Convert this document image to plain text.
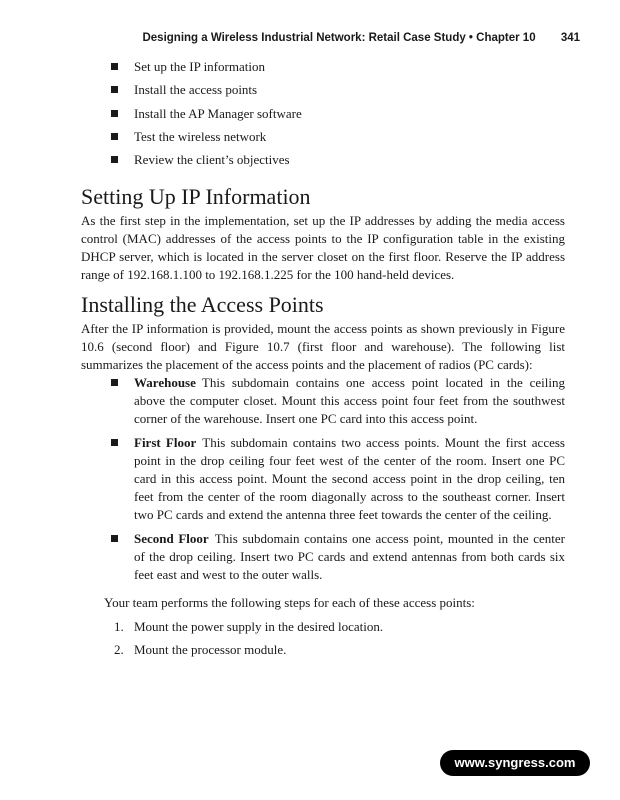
Designing a Wireless Industrial Network: Retail Case Study • Chapter 10 341
Set up the IP information
Install the access points
Install the AP Manager software
Test the wireless network
Review the client’s objectives
Setting Up IP Information

As the first step in the implementation, set up the IP addresses by adding the media access control (MAC) addresses of the access points to the IP configuration table in the existing DHCP server, which is located in the server closet on the first floor. Reserve the IP address range of 192.168.1.100 to 192.168.1.225 for the 100 hand-held devices.

Installing the Access Points

After the IP information is provided, mount the access points as shown previously in Figure 10.6 (second floor) and Figure 10.7 (first floor and warehouse). The following list summarizes the placement of the access points and the placement of radios (PC cards):

Warehouse This subdomain contains one access point located in the ceiling above the computer closet. Mount this access point four feet from the southwest corner of the warehouse. Insert one PC card into this access point.
First Floor This subdomain contains two access points. Mount the first access point in the drop ceiling four feet west of the center of the room. Insert one PC card in this access point. Mount the second access point in the drop ceiling, ten feet from the center of the room diagonally across to the southeast corner. Insert two PC cards and extend the antenna three feet towards the center of the ceiling.
Second Floor This subdomain contains one access point, mounted in the center of the drop ceiling. Insert two PC cards and extend antennas from both cards six feet east and west to the outer walls.

Your team performs the following steps for each of these access points:

1. Mount the power supply in the desired location.
2. Mount the processor module.
www.syngress.com
